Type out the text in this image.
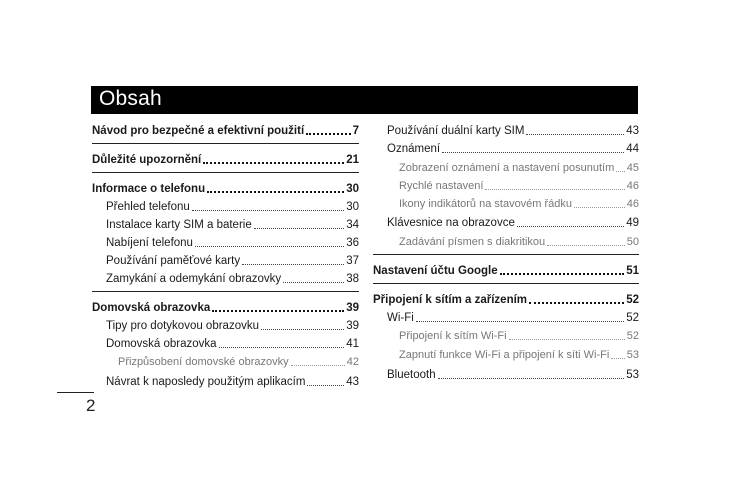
Obsah
Návod pro bezpečné a efektivní použití	7
Důležité upozornění	21
Informace o telefonu	30
Přehled telefonu	30
Instalace karty SIM a baterie	34
Nabíjení telefonu	36
Používání paměťové karty	37
Zamykání a odemykání obrazovky	38
Domovská obrazovka	39
Tipy pro dotykovou obrazovku	39
Domovská obrazovka	41
Přizpůsobení domovské obrazovky	42
Návrat k naposledy použitým aplikacím	43
Používání duální karty SIM	43
Oznámení	44
Zobrazení oznámení a nastavení posunutím 45
Rychlé nastavení	46
Ikony indikátorů na stavovém řádku	46
Klávesnice na obrazovce	49
Zadávání písmen s diakritikou	50
Nastavení účtu Google	51
Připojení k sítím a zařízením	52
Wi-Fi	52
Připojení k sítím Wi-Fi	52
Zapnutí funkce Wi-Fi a připojení k síti Wi-Fi 53
Bluetooth	53
2
